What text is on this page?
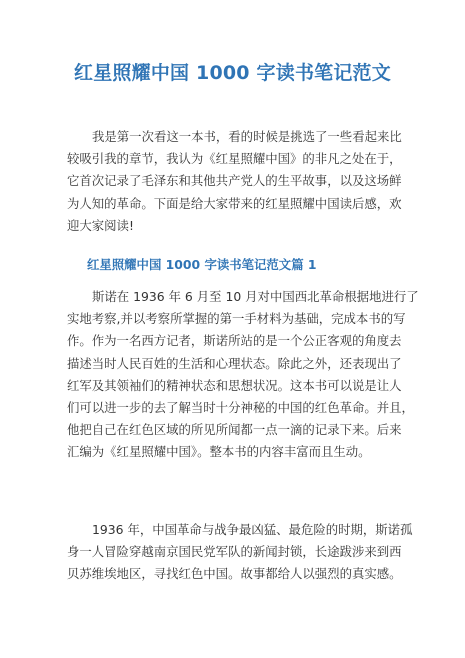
红星照耀中国 1000 字读书笔记范文
我是第一次看这一本书，看的时候是挑选了一些看起来比
较吸引我的章节，我认为《红星照耀中国》的非凡之处在于，
它首次记录了毛泽东和其他共产党人的生平故事，以及这场鲜
为人知的革命。下面是给大家带来的红星照耀中国读后感，欢
迎大家阅读!
红星照耀中国 1000 字读书笔记范文篇 1
斯诺在 1936 年 6 月至 10 月对中国西北革命根据地进行了
实地考察,并以考察所掌握的第一手材料为基础，完成本书的写
作。作为一名西方记者，斯诺所站的是一个公正客观的角度去
描述当时人民百姓的生活和心理状态。除此之外，还表现出了
红军及其领袖们的精神状态和思想状况。这本书可以说是让人
们可以进一步的去了解当时十分神秘的中国的红色革命。并且，
他把自己在红色区域的所见所闻都一点一滴的记录下来。后来
汇编为《红星照耀中国》。整本书的内容丰富而且生动。
1936 年，中国革命与战争最凶猛、最危险的时期，斯诺孤
身一人冒险穿越南京国民党军队的新闻封锁，长途跋涉来到西
贝苏维埃地区，寻找红色中国。故事都给人以强烈的真实感。
